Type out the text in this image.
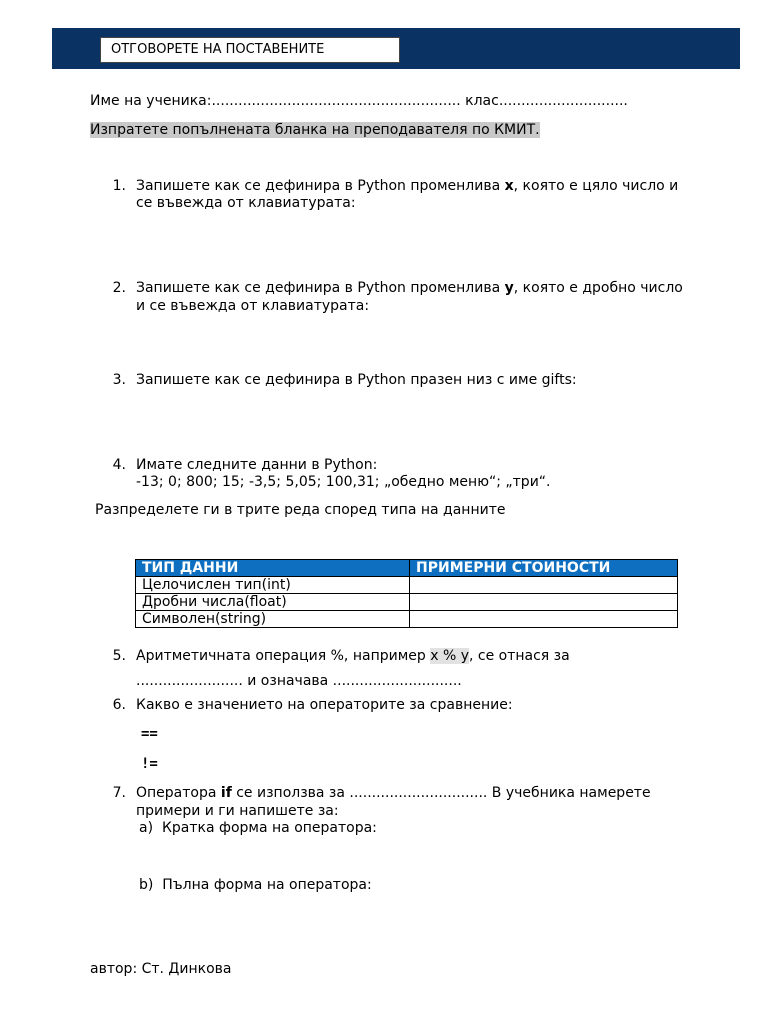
ОТГОВОРЕТЕ НА ПОСТАВЕНИТЕ
Име на ученика:........................................................ клас.............................
Изпратете попълнената бланка на преподавателя по КМИТ.
1. Запишете как се дефинира в Python променлива x, която е цяло число и
се въвежда от клавиатурата:
2. Запишете как се дефинира в Python променлива y, която е дробно число
и се въвежда от клавиатурата:
3. Запишете как се дефинира в Python празен низ с име gifts:
4. Имате следните данни в Python:
-13; 0; 800; 15; -3,5; 5,05; 100,31; „обедно меню“; „три“.
Разпределете ги в трите реда според типа на данните
ТИП ДАННИ	ПРИМЕРНИ СТОИНОСТИ
Целочислен тип(int)	
Дробни числа(float)	
Символен(string)	
5. Аритметичната операция %, например x % y, се отнася за
........................ и означава .............................
6. Какво е значението на операторите за сравнение:
==
!=
7. Оператора if се използва за ............................... В учебника намерете
примери и ги напишете за:
a) Кратка форма на оператора:
b) Пълна форма на оператора:
автор: Ст. Динкова
